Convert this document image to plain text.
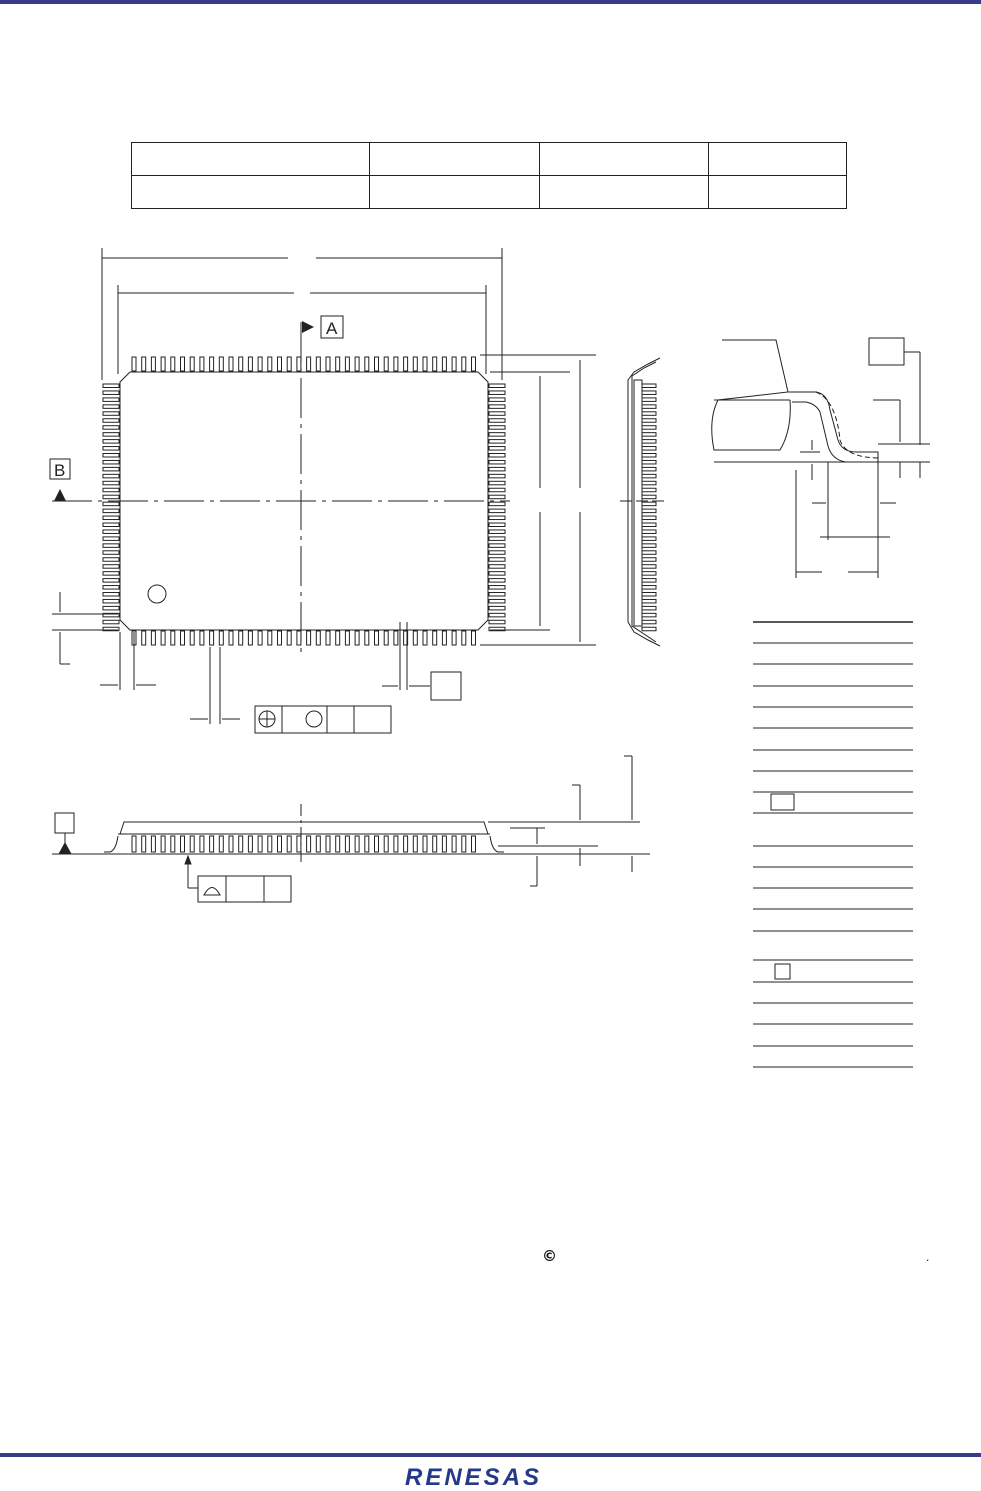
A
B
©	.
RENESAS
